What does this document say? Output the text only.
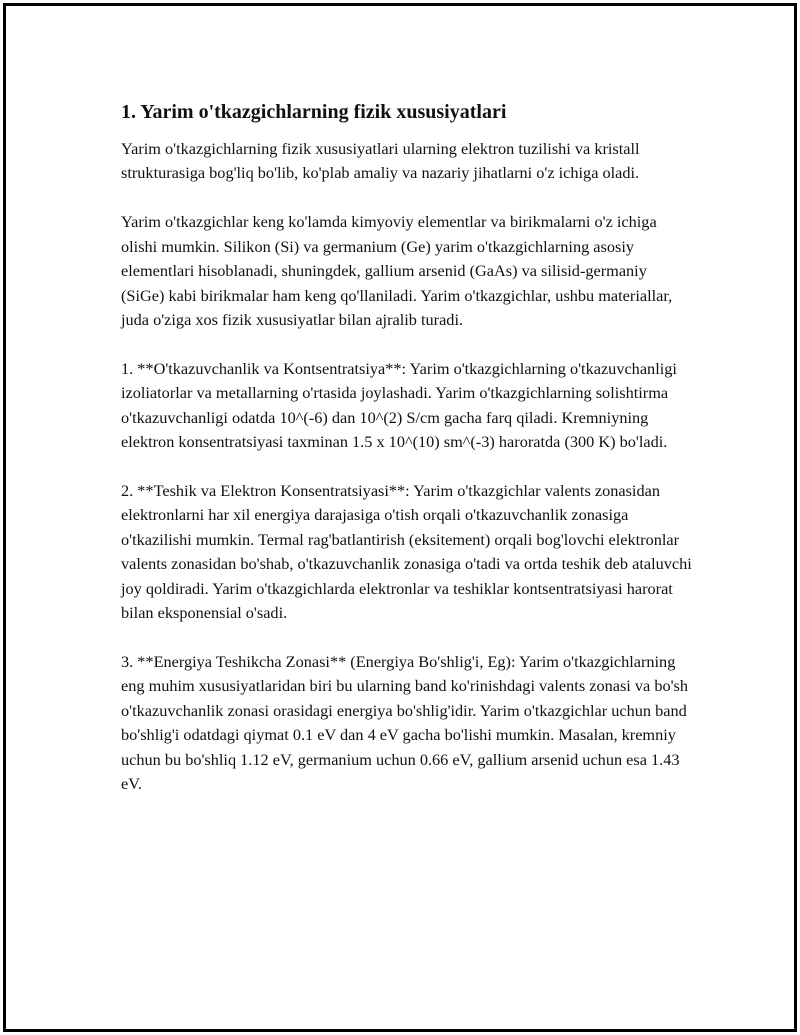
1. Yarim o'tkazgichlarning fizik xususiyatlari

Yarim o'tkazgichlarning fizik xususiyatlari ularning elektron tuzilishi va kristall strukturasiga bog'liq bo'lib, ko'plab amaliy va nazariy jihatlarni o'z ichiga oladi.

Yarim o'tkazgichlar keng ko'lamda kimyoviy elementlar va birikmalarni o'z ichiga olishi mumkin. Silikon (Si) va germanium (Ge) yarim o'tkazgichlarning asosiy elementlari hisoblanadi, shuningdek, gallium arsenid (GaAs) va silisid-germaniy (SiGe) kabi birikmalar ham keng qo'llaniladi. Yarim o'tkazgichlar, ushbu materiallar, juda o'ziga xos fizik xususiyatlar bilan ajralib turadi.

1. **O'tkazuvchanlik va Kontsentratsiya**: Yarim o'tkazgichlarning o'tkazuvchanligi izoliatorlar va metallarning o'rtasida joylashadi. Yarim o'tkazgichlarning solishtirma o'tkazuvchanligi odatda 10^(-6) dan 10^(2) S/cm gacha farq qiladi. Kremniyning elektron konsentratsiyasi taxminan 1.5 x 10^(10) sm^(-3) haroratda (300 K) bo'ladi.

2. **Teshik va Elektron Konsentratsiyasi**: Yarim o'tkazgichlar valents zonasidan elektronlarni har xil energiya darajasiga o'tish orqali o'tkazuvchanlik zonasiga o'tkazilishi mumkin. Termal rag'batlantirish (eksitement) orqali bog'lovchi elektronlar valents zonasidan bo'shab, o'tkazuvchanlik zonasiga o'tadi va ortda teshik deb ataluvchi joy qoldiradi. Yarim o'tkazgichlarda elektronlar va teshiklar kontsentratsiyasi harorat bilan eksponensial o'sadi.

3. **Energiya Teshikcha Zonasi** (Energiya Bo'shlig'i, Eg): Yarim o'tkazgichlarning eng muhim xususiyatlaridan biri bu ularning band ko'rinishdagi valents zonasi va bo'sh o'tkazuvchanlik zonasi orasidagi energiya bo'shlig'idir. Yarim o'tkazgichlar uchun band bo'shlig'i odatdagi qiymat 0.1 eV dan 4 eV gacha bo'lishi mumkin. Masalan, kremniy uchun bu bo'shliq 1.12 eV, germanium uchun 0.66 eV, gallium arsenid uchun esa 1.43 eV.
